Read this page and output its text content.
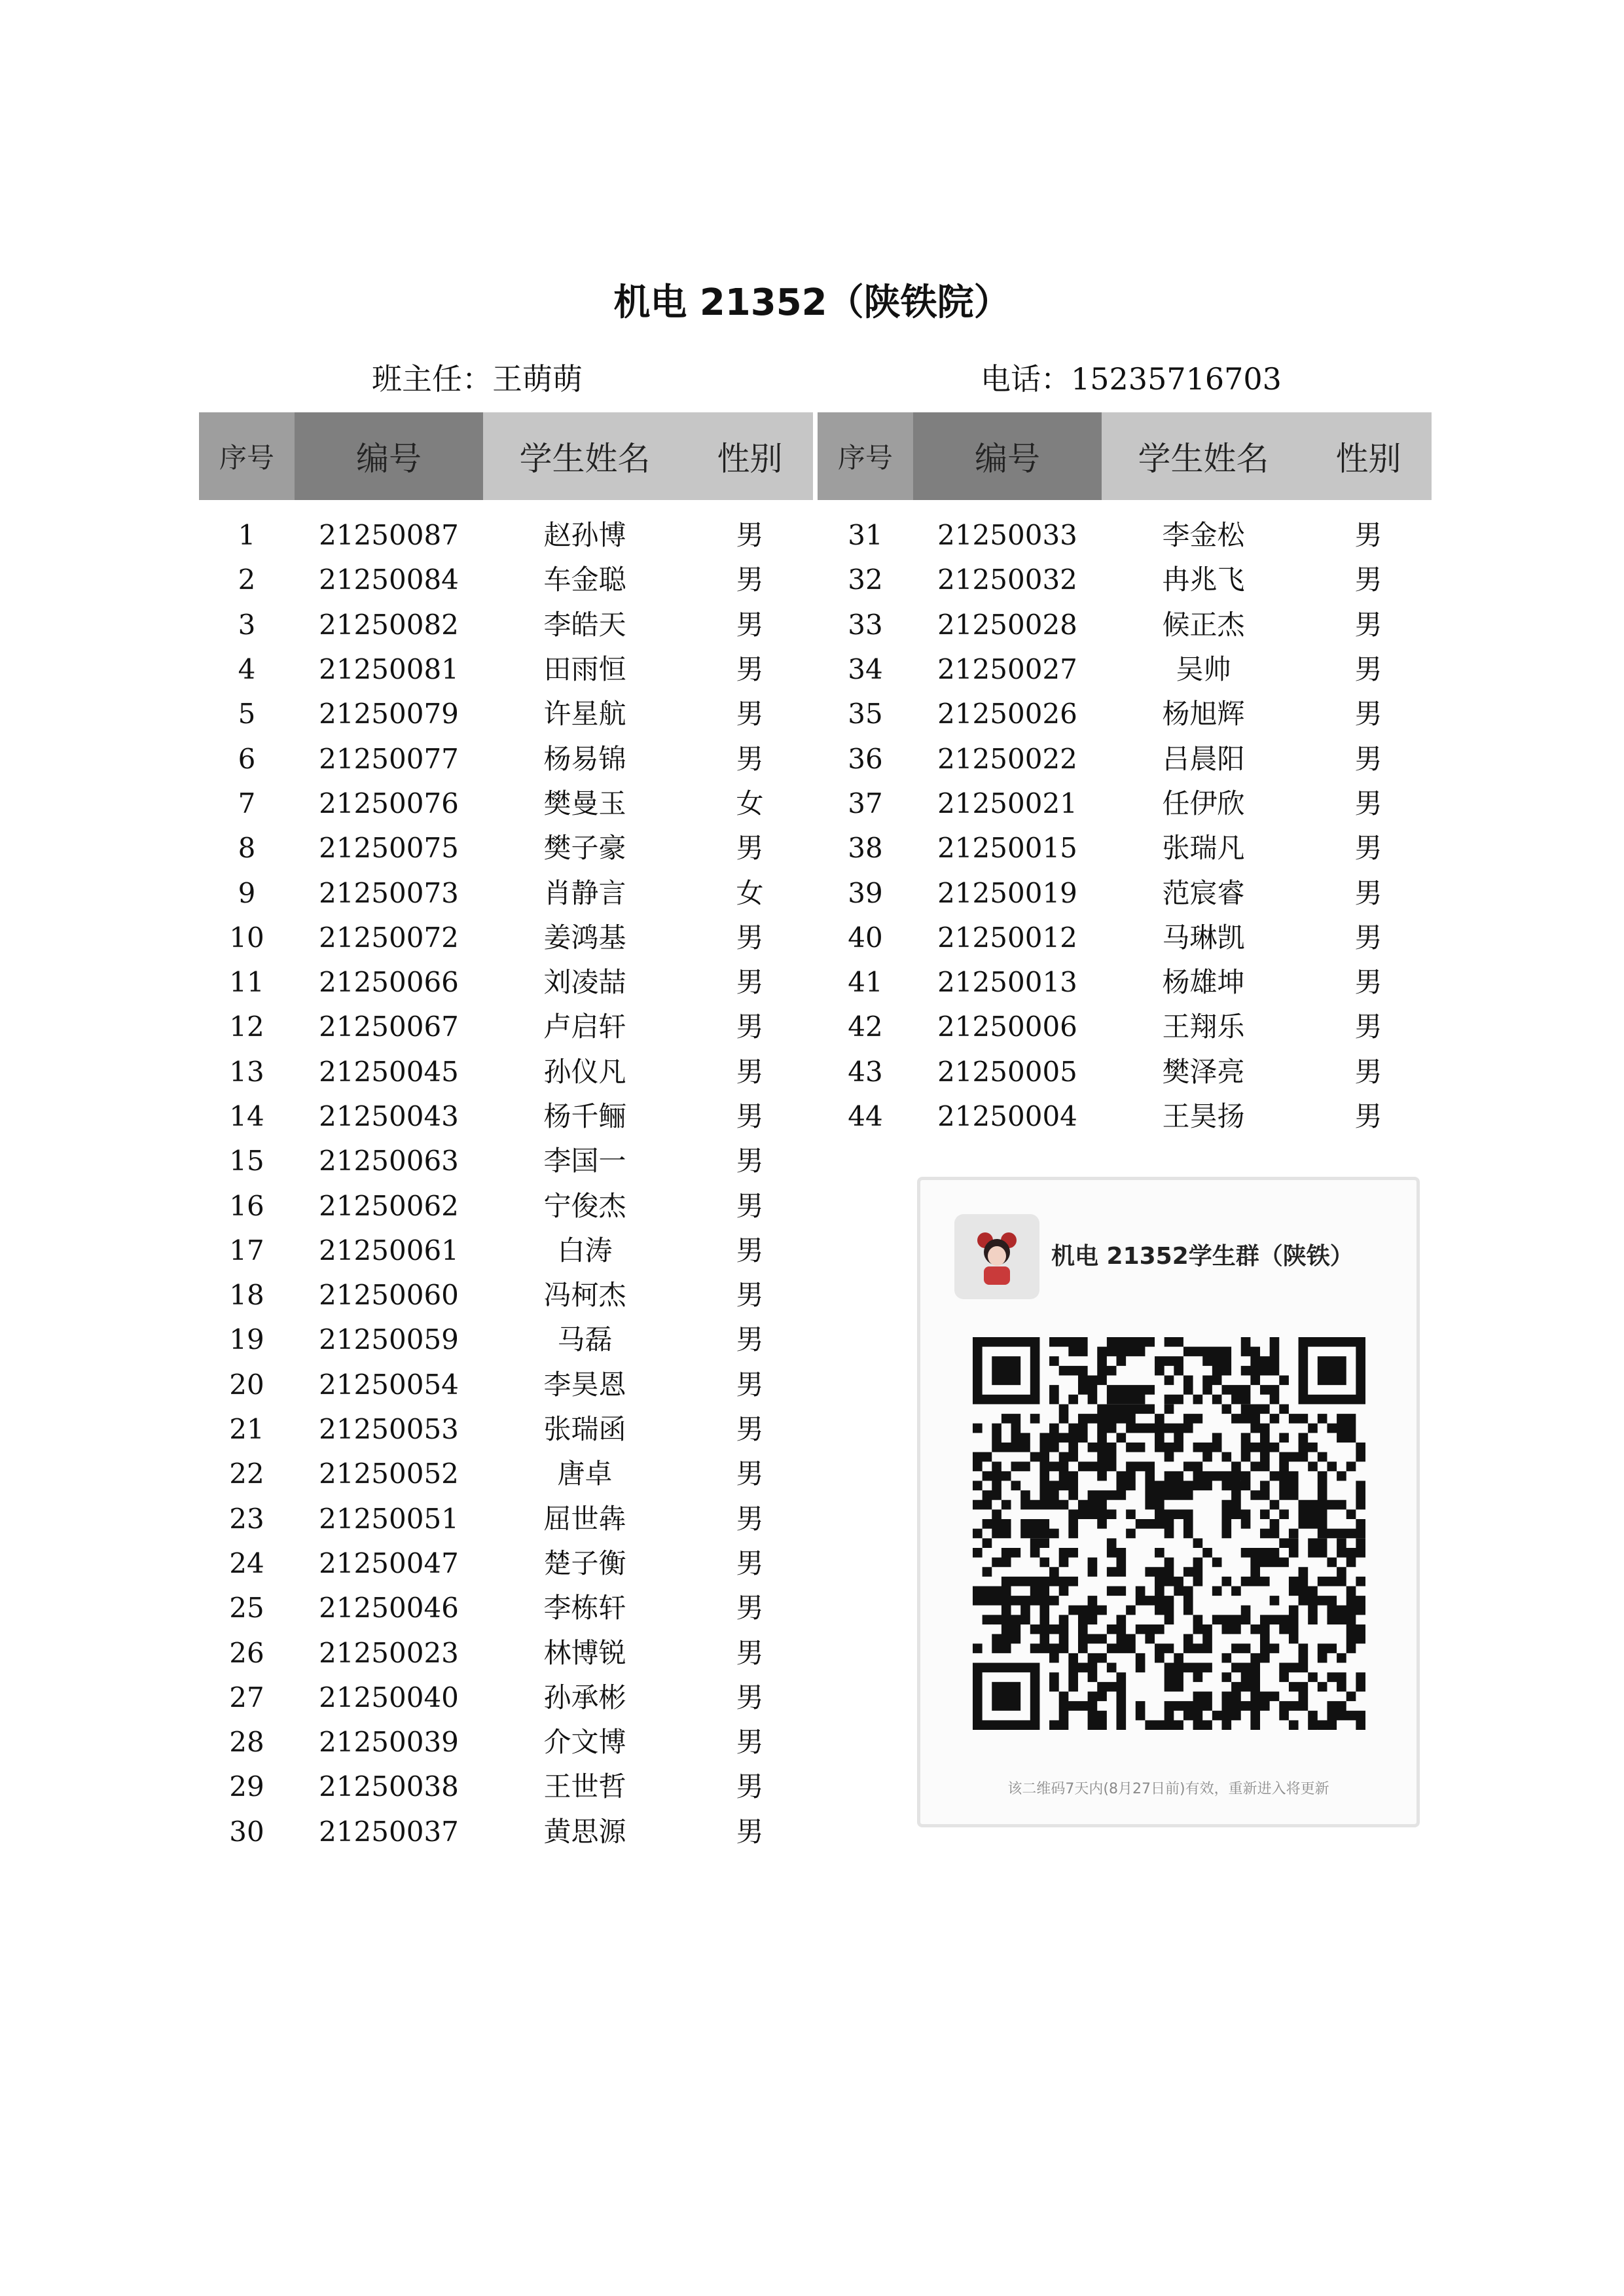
机电 21352（陕铁院）
班主任：王萌萌	电话：15235716703
序号	编号	学生姓名	性别

1	21250087	赵孙博	男
2	21250084	车金聪	男
3	21250082	李皓天	男
4	21250081	田雨恒	男
5	21250079	许星航	男
6	21250077	杨易锦	男
7	21250076	樊曼玉	女
8	21250075	樊子豪	男
9	21250073	肖静言	女
10	21250072	姜鸿基	男
11	21250066	刘凌喆	男
12	21250067	卢启轩	男
13	21250045	孙仪凡	男
14	21250043	杨千鲡	男
15	21250063	李国一	男
16	21250062	宁俊杰	男
17	21250061	白涛	男
18	21250060	冯柯杰	男
19	21250059	马磊	男
20	21250054	李昊恩	男
21	21250053	张瑞函	男
22	21250052	唐卓	男
23	21250051	屈世犇	男
24	21250047	楚子衡	男
25	21250046	李栋轩	男
26	21250023	林博锐	男
27	21250040	孙承彬	男
28	21250039	介文博	男
29	21250038	王世哲	男
30	21250037	黄思源	男
序号	编号	学生姓名	性别

31	21250033	李金松	男
32	21250032	冉兆飞	男
33	21250028	候正杰	男
34	21250027	吴帅	男
35	21250026	杨旭辉	男
36	21250022	吕晨阳	男
37	21250021	任伊欣	男
38	21250015	张瑞凡	男
39	21250019	范宸睿	男
40	21250012	马琳凯	男
41	21250013	杨雄坤	男
42	21250006	王翔乐	男
43	21250005	樊泽亮	男
44	21250004	王昊扬	男
机电 21352学生群（陕铁）
该二维码7天内(8月27日前)有效，重新进入将更新
